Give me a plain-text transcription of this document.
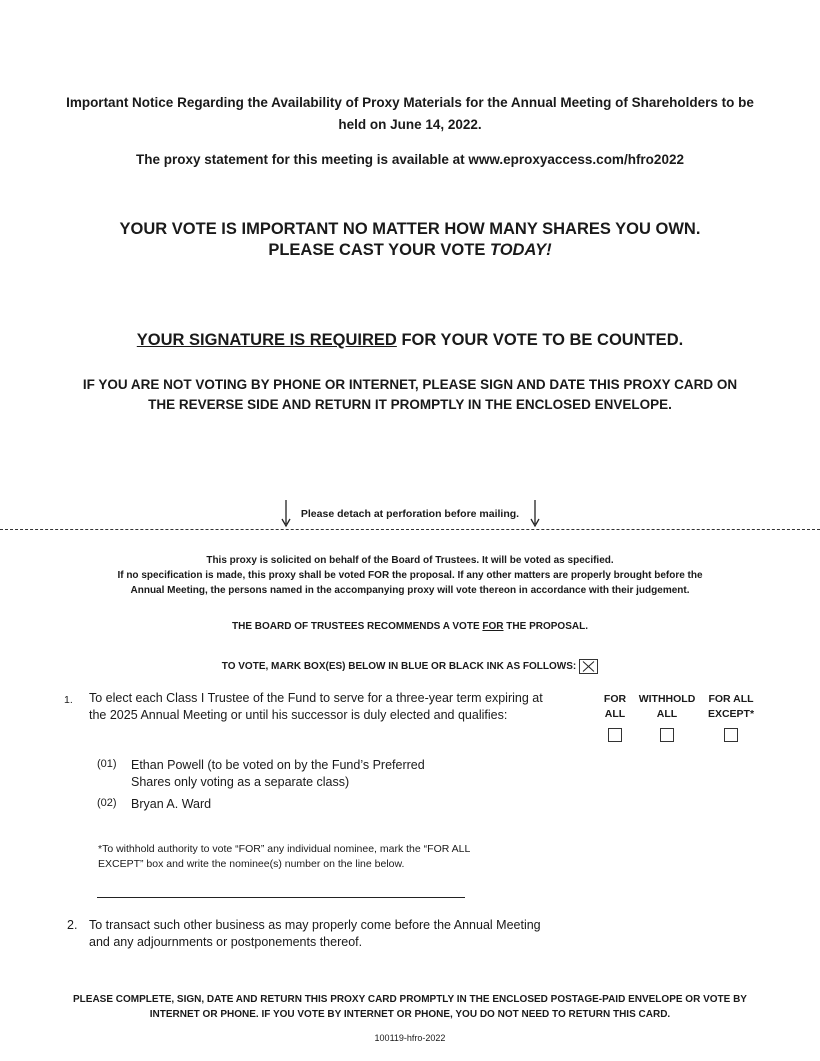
Important Notice Regarding the Availability of Proxy Materials for the Annual Meeting of Shareholders to be held on June 14, 2022.
The proxy statement for this meeting is available at www.eproxyaccess.com/hfro2022
YOUR VOTE IS IMPORTANT NO MATTER HOW MANY SHARES YOU OWN.
PLEASE CAST YOUR VOTE TODAY!
YOUR SIGNATURE IS REQUIRED FOR YOUR VOTE TO BE COUNTED.
IF YOU ARE NOT VOTING BY PHONE OR INTERNET, PLEASE SIGN AND DATE THIS PROXY CARD ON THE REVERSE SIDE AND RETURN IT PROMPTLY IN THE ENCLOSED ENVELOPE.
Please detach at perforation before mailing.
This proxy is solicited on behalf of the Board of Trustees. It will be voted as specified.
If no specification is made, this proxy shall be voted FOR the proposal. If any other matters are properly brought before the
Annual Meeting, the persons named in the accompanying proxy will vote thereon in accordance with their judgement.
THE BOARD OF TRUSTEES RECOMMENDS A VOTE FOR THE PROPOSAL.
TO VOTE, MARK BOX(ES) BELOW IN BLUE OR BLACK INK AS FOLLOWS:
1. To elect each Class I Trustee of the Fund to serve for a three-year term expiring at the 2025 Annual Meeting or until his successor is duly elected and qualifies:
FOR
ALL
WITHHOLD
ALL
FOR ALL
EXCEPT*
(01) Ethan Powell (to be voted on by the Fund’s Preferred Shares only voting as a separate class)
(02) Bryan A. Ward
*To withhold authority to vote “FOR” any individual nominee, mark the “FOR ALL EXCEPT” box and write the nominee(s) number on the line below.
2. To transact such other business as may properly come before the Annual Meeting and any adjournments or postponements thereof.
PLEASE COMPLETE, SIGN, DATE AND RETURN THIS PROXY CARD PROMPTLY IN THE ENCLOSED POSTAGE-PAID ENVELOPE OR VOTE BY
INTERNET OR PHONE. IF YOU VOTE BY INTERNET OR PHONE, YOU DO NOT NEED TO RETURN THIS CARD.
100119-hfro-2022
